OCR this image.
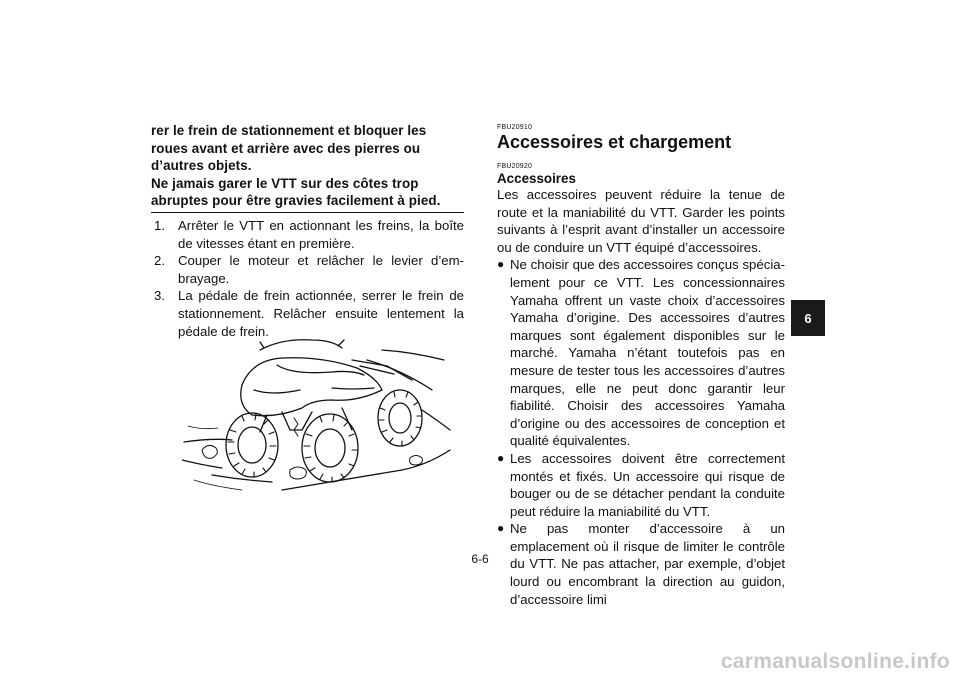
rer le frein de stationnement et bloquer les

roues avant et arrière avec des pierres ou

d’autres objets.

Ne jamais garer le VTT sur des côtes trop

abruptes pour être gravies facilement à pied.

1. Arrêter le VTT en actionnant les freins, la boîte de vitesses étant en première.
2. Couper le moteur et relâcher le levier d’embrayage.
3. La pédale de frein actionnée, serrer le frein de stationnement. Relâcher ensuite lentement la pédale de frein.

FBU20910

Accessoires et chargement

FBU20920

Accessoires

Les accessoires peuvent réduire la tenue de route et la maniabilité du VTT. Garder les points suivants à l’esprit avant d’installer un accessoire ou de conduire un VTT équipé d’accessoires.

● Ne choisir que des accessoires conçus spécialement pour ce VTT. Les concessionnaires Yamaha offrent un vaste choix d’accessoires Yamaha d’origine. Des accessoires d’autres marques sont également disponibles sur le marché. Yamaha n’étant toutefois pas en mesure de tester tous les accessoires d’autres marques, elle ne peut donc garantir leur fiabilité. Choisir des accessoires Yamaha d’origine ou des accessoires de conception et qualité équivalentes.
● Les accessoires doivent être correctement montés et fixés. Un accessoire qui risque de bouger ou de se détacher pendant la conduite peut réduire la maniabilité du VTT.
● Ne pas monter d’accessoire à un emplacement où il risque de limiter le contrôle du VTT. Ne pas attacher, par exemple, d’objet lourd ou encombrant la direction au guidon, d’accessoire limi
6-6
6
carmanualsonline.info
